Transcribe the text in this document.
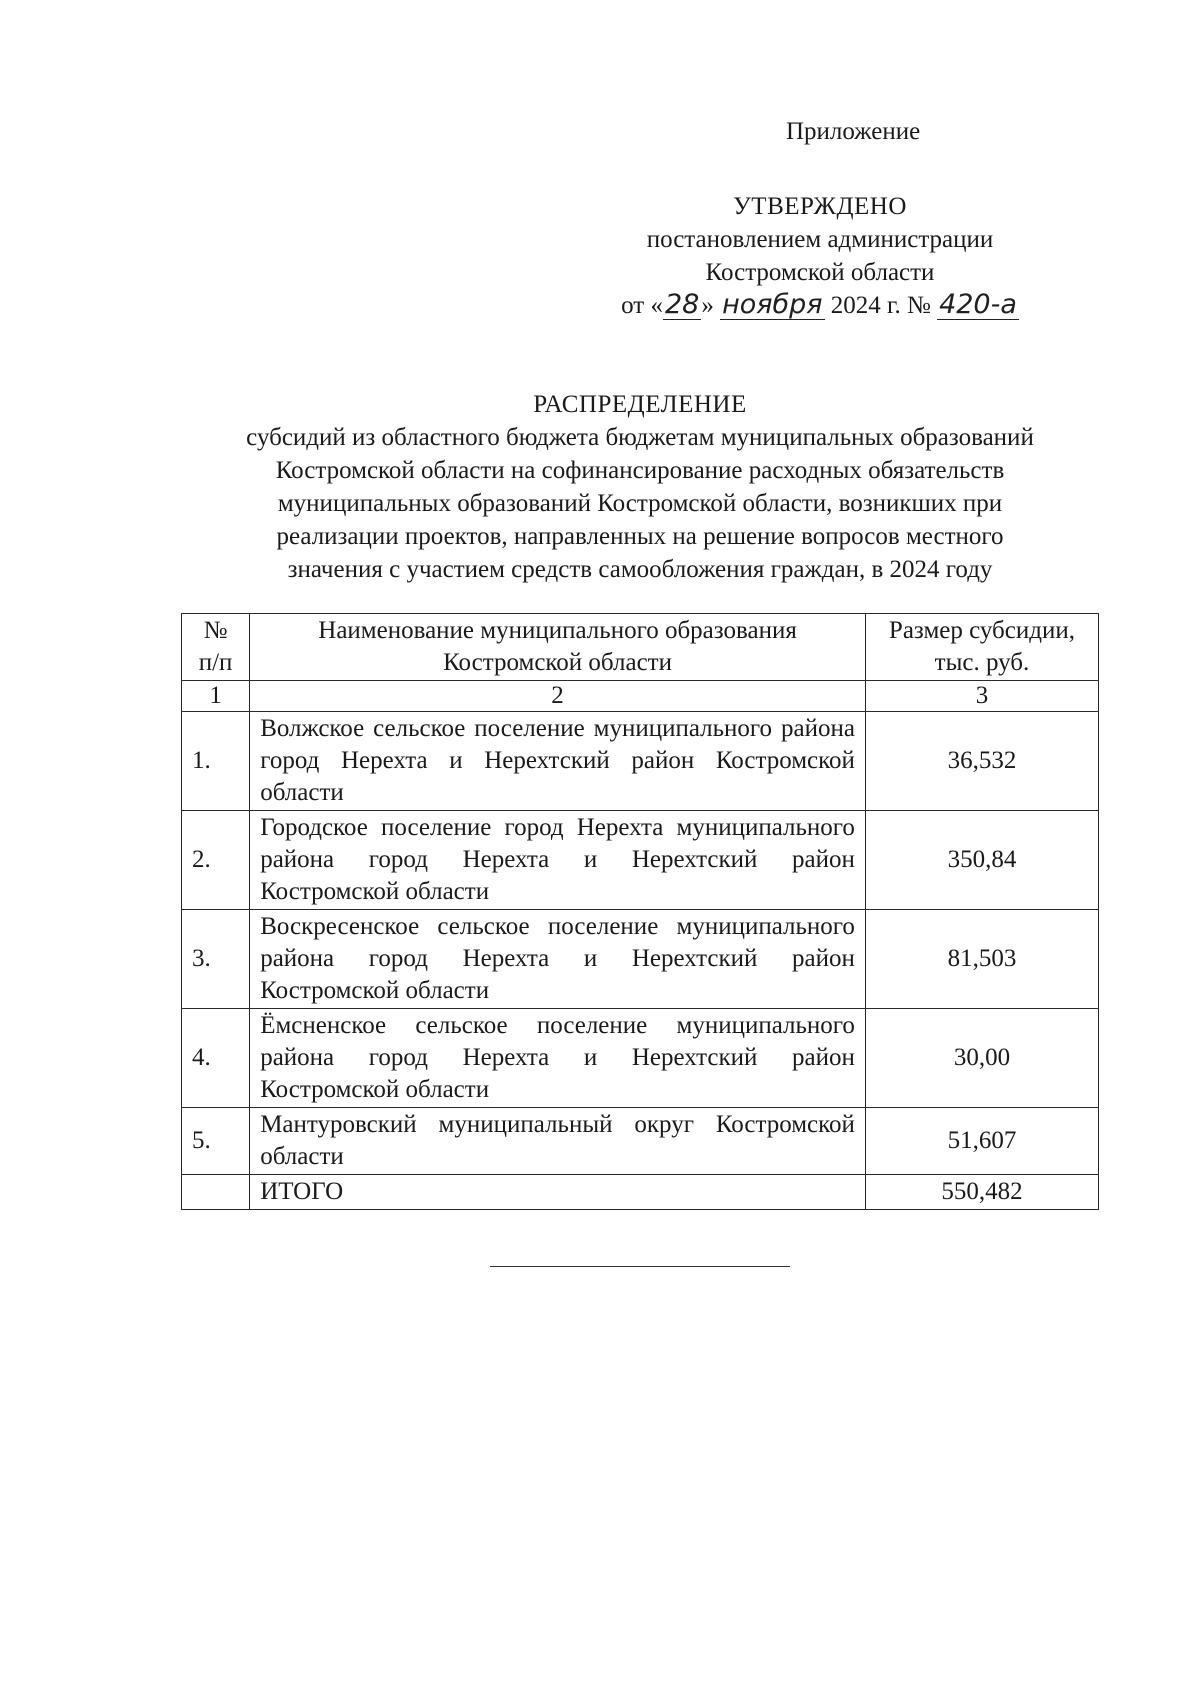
Приложение
УТВЕРЖДЕНО
постановлением администрации
Костромской области
от «28» ноября 2024 г. № 420-а
РАСПРЕДЕЛЕНИЕ
субсидий из областного бюджета бюджетам муниципальных образований
Костромской области на софинансирование расходных обязательств
муниципальных образований Костромской области, возникших при
реализации проектов, направленных на решение вопросов местного
значения с участием средств самообложения граждан, в 2024 году
№ п/п	Наименование муниципального образования Костромской области	Размер субсидии, тыс. руб.
1	2	3
1.	Волжское сельское поселение муниципального района город Нерехта и Нерехтский район Костромской области	36,532
2.	Городское поселение город Нерехта муниципального района город Нерехта и Нерехтский район Костромской области	350,84
3.	Воскресенское сельское поселение муниципального района город Нерехта и Нерехтский район Костромской области	81,503
4.	Ёмсненское сельское поселение муниципального района город Нерехта и Нерехтский район Костромской области	30,00
5.	Мантуровский муниципальный округ Костромской области	51,607
	ИТОГО	550,482
